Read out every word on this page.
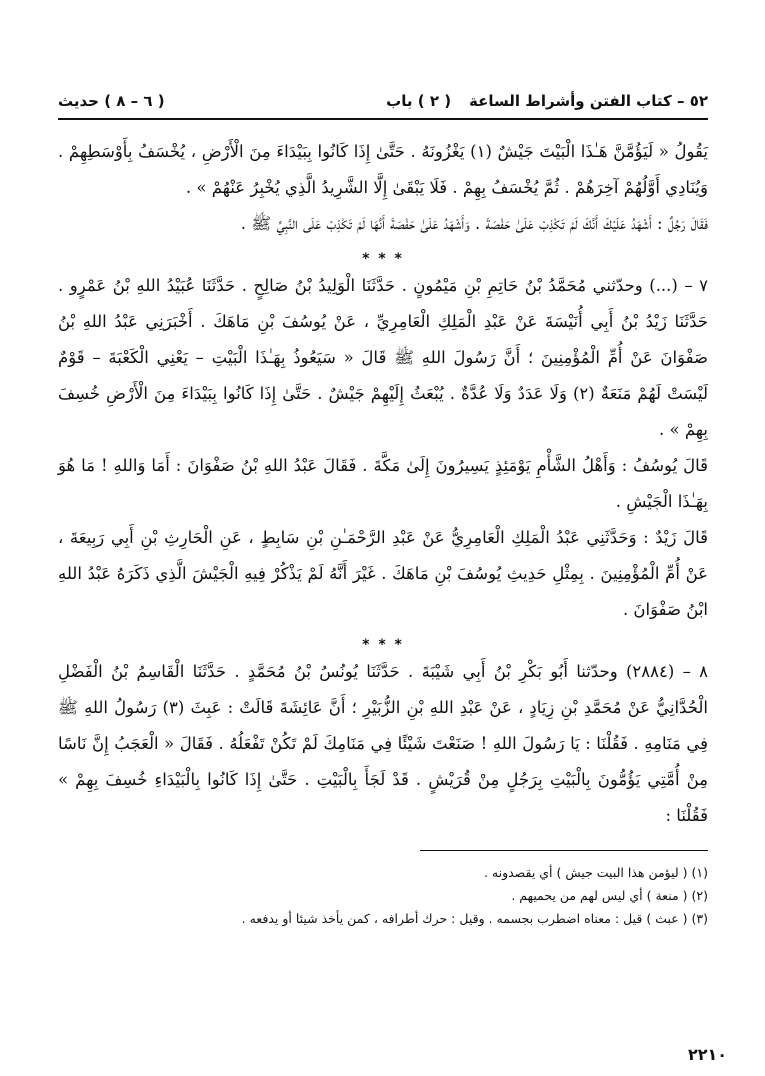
٥٢ – كتاب الفتن وأشراط الساعة
( ٢ ) باب
( ٦ – ٨ ) حديث

يَقُولُ « لَيَؤُمَّنَّ هَـٰذَا الْبَيْتَ جَيْشٌ (١) يَغْزُونَهُ . حَتَّىٰ إِذَا كَانُوا بِبَيْدَاءَ مِنَ الْأَرْضِ ، يُخْسَفُ بِأَوْسَطِهِمْ . وَيُنَادِي أَوَّلُهُمْ آخِرَهُمْ . ثُمَّ يُخْسَفُ بِهِمْ . فَلَا يَبْقَىٰ إِلَّا الشَّرِيدُ الَّذِي يُخْبِرُ عَنْهُمْ » .

فَقَالَ رَجُلٌ : أَشْهَدُ عَلَيْكَ أَنَّكَ لَمْ تَكْذِبْ عَلَىٰ حَفْصَةَ . وَأَشْهَدُ عَلَىٰ حَفْصَةَ أَنَّهَا لَمْ تَكْذِبْ عَلَى النَّبِيِّ ﷺ .

* * *

٧ – (...) وحدّثني مُحَمَّدُ بْنُ حَاتِمِ بْنِ مَيْمُونٍ . حَدَّثَنَا الْوَلِيدُ بْنُ صَالِحٍ . حَدَّثَنَا عُبَيْدُ اللهِ بْنُ عَمْرٍو . حَدَّثَنَا زَيْدُ بْنُ أَبِي أُنَيْسَةَ عَنْ عَبْدِ الْمَلِكِ الْعَامِرِيِّ ، عَنْ يُوسُفَ بْنِ مَاهَكَ . أَخْبَرَنِي عَبْدُ اللهِ بْنُ صَفْوَانَ عَنْ أُمِّ الْمُؤْمِنِينَ ؛ أَنَّ رَسُولَ اللهِ ﷺ قَالَ « سَيَعُوذُ بِهَـٰذَا الْبَيْتِ – يَعْنِي الْكَعْبَةَ – قَوْمٌ لَيْسَتْ لَهُمْ مَنَعَةٌ (٢) وَلَا عَدَدٌ وَلَا عُدَّةٌ . يُبْعَثُ إِلَيْهِمْ جَيْشٌ . حَتَّىٰ إِذَا كَانُوا بِبَيْدَاءَ مِنَ الْأَرْضِ خُسِفَ بِهِمْ » .

قَالَ يُوسُفُ : وَأَهْلُ الشَّأْمِ يَوْمَئِذٍ يَسِيرُونَ إِلَىٰ مَكَّةَ . فَقَالَ عَبْدُ اللهِ بْنُ صَفْوَانَ : أَمَا وَاللهِ ! مَا هُوَ بِهَـٰذَا الْجَيْشِ .

قَالَ زَيْدٌ : وَحَدَّثَنِي عَبْدُ الْمَلِكِ الْعَامِرِيُّ عَنْ عَبْدِ الرَّحْمَـٰنِ بْنِ سَابِطٍ ، عَنِ الْحَارِثِ بْنِ أَبِي رَبِيعَةَ ، عَنْ أُمِّ الْمُؤْمِنِينَ . بِمِثْلِ حَدِيثِ يُوسُفَ بْنِ مَاهَكَ . غَيْرَ أَنَّهُ لَمْ يَذْكُرْ فِيهِ الْجَيْشَ الَّذِي ذَكَرَهُ عَبْدُ اللهِ ابْنُ صَفْوَانَ .

* * *

٨ – (٢٨٨٤) وحدّثنا أَبُو بَكْرِ بْنُ أَبِي شَيْبَةَ . حَدَّثَنَا يُونُسُ بْنُ مُحَمَّدٍ . حَدَّثَنَا الْقَاسِمُ بْنُ الْفَضْلِ الْحُدَّانِيُّ عَنْ مُحَمَّدِ بْنِ زِيَادٍ ، عَنْ عَبْدِ اللهِ بْنِ الزُّبَيْرِ ؛ أَنَّ عَائِشَةَ قَالَتْ : عَبِثَ (٣) رَسُولُ اللهِ ﷺ فِي مَنَامِهِ . فَقُلْنَا : يَا رَسُولَ اللهِ ! صَنَعْتَ شَيْئًا فِي مَنَامِكَ لَمْ تَكُنْ تَفْعَلُهُ . فَقَالَ « الْعَجَبُ إِنَّ نَاسًا مِنْ أُمَّتِي يَؤُمُّونَ بِالْبَيْتِ بِرَجُلٍ مِنْ قُرَيْشٍ . قَدْ لَجَأَ بِالْبَيْتِ . حَتَّىٰ إِذَا كَانُوا بِالْبَيْدَاءِ خُسِفَ بِهِمْ » فَقُلْنَا :

(١) ( ليؤمن هذا البيت جيش ) أي يقصدونه .
(٢) ( منعة ) أي ليس لهم من يحميهم .
(٣) ( عبث ) قيل : معناه اضطرب بجسمه . وقيل : حرك أطرافه ، كمن يأخذ شيئا أو يدفعه .
٢٢١٠
